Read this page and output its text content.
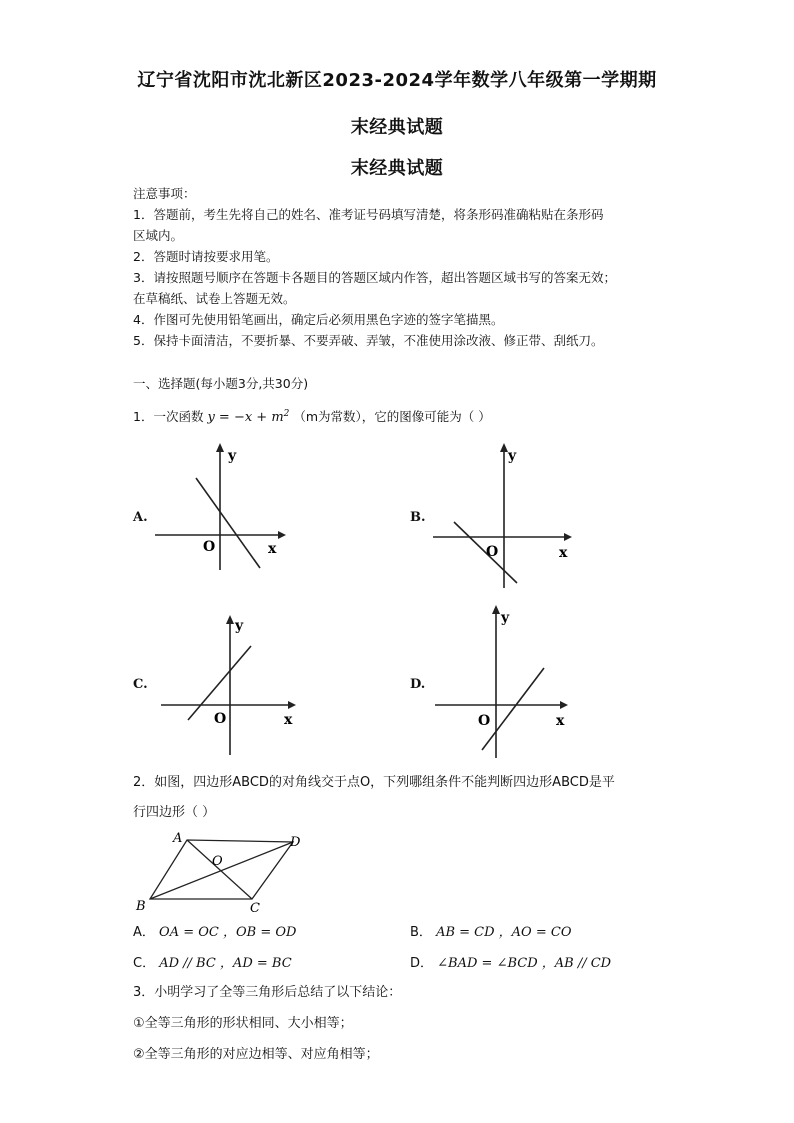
辽宁省沈阳市沈北新区2023-2024学年数学八年级第一学期期
末经典试题
末经典试题
注意事项：
1．答题前，考生先将自己的姓名、准考证号码填写清楚，将条形码准确粘贴在条形码
区域内。
2．答题时请按要求用笔。
3．请按照题号顺序在答题卡各题目的答题区域内作答，超出答题区域书写的答案无效；
在草稿纸、试卷上答题无效。
4．作图可先使用铅笔画出，确定后必须用黑色字迹的签字笔描黑。
5．保持卡面清洁，不要折暴、不要弄破、弄皱，不准使用涂改液、修正带、刮纸刀。
一、选择题(每小题3分,共30分)
1．一次函数 $y = -x + m^2$ （m为常数），它的图像可能为（ ）
A.
y
x
O
B.
y
x
O
C.
y
x
O
D.
y
x
O
2．如图，四边形ABCD的对角线交于点O，下列哪组条件不能判断四边形ABCD是平
行四边形（ ）
A	D
B	C
O
A． OA = OC ，OB = OD	B． AB = CD ，AO = CO
C． AD // BC ，AD = BC	D． ∠BAD = ∠BCD ，AB // CD
3．小明学习了全等三角形后总结了以下结论：
①全等三角形的形状相同、大小相等；
②全等三角形的对应边相等、对应角相等；
